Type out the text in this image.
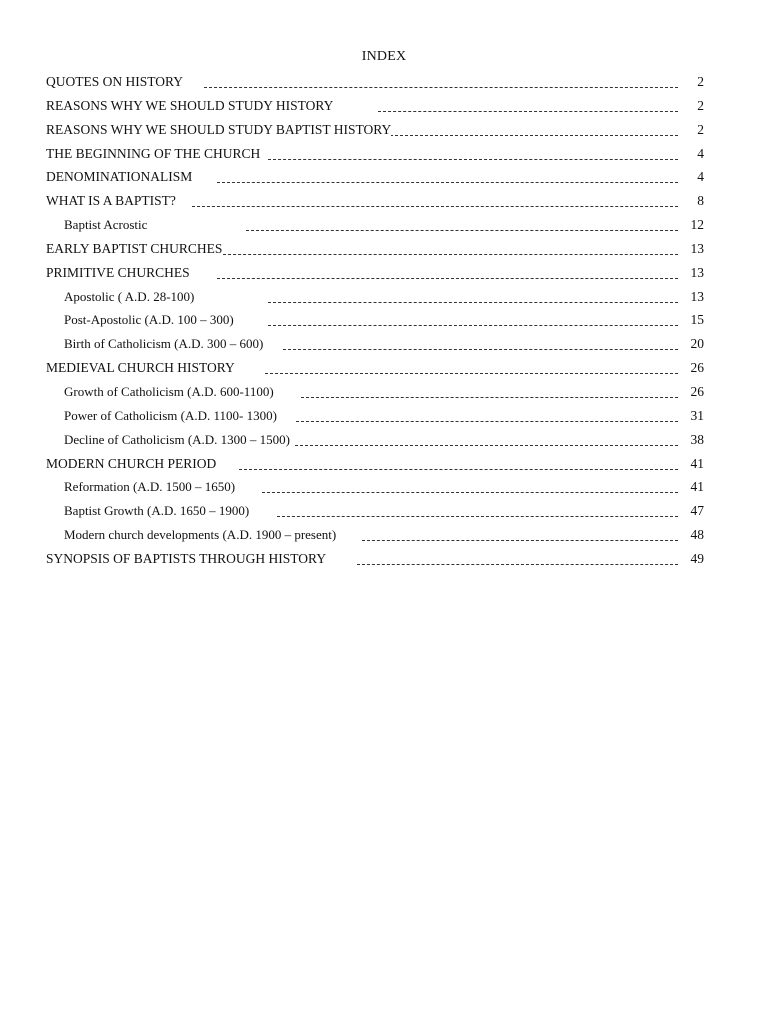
INDEX
QUOTES ON HISTORY	2
REASONS WHY WE SHOULD STUDY HISTORY	2
REASONS WHY WE SHOULD STUDY BAPTIST HISTORY	2
THE BEGINNING OF THE CHURCH	4
DENOMINATIONALISM	4
WHAT IS A BAPTIST?	8
Baptist Acrostic	12
EARLY BAPTIST CHURCHES	13
PRIMITIVE CHURCHES	13
Apostolic ( A.D. 28-100)	13
Post-Apostolic (A.D. 100 – 300)	15
Birth of Catholicism (A.D. 300 – 600)	20
MEDIEVAL CHURCH HISTORY	26
Growth of Catholicism (A.D. 600-1100)	26
Power of Catholicism (A.D. 1100- 1300)	31
Decline of Catholicism (A.D. 1300 – 1500)	38
MODERN CHURCH PERIOD	41
Reformation (A.D. 1500 – 1650)	41
Baptist Growth (A.D. 1650 – 1900)	47
Modern church developments (A.D. 1900 – present)	48
SYNOPSIS OF BAPTISTS THROUGH HISTORY	49
